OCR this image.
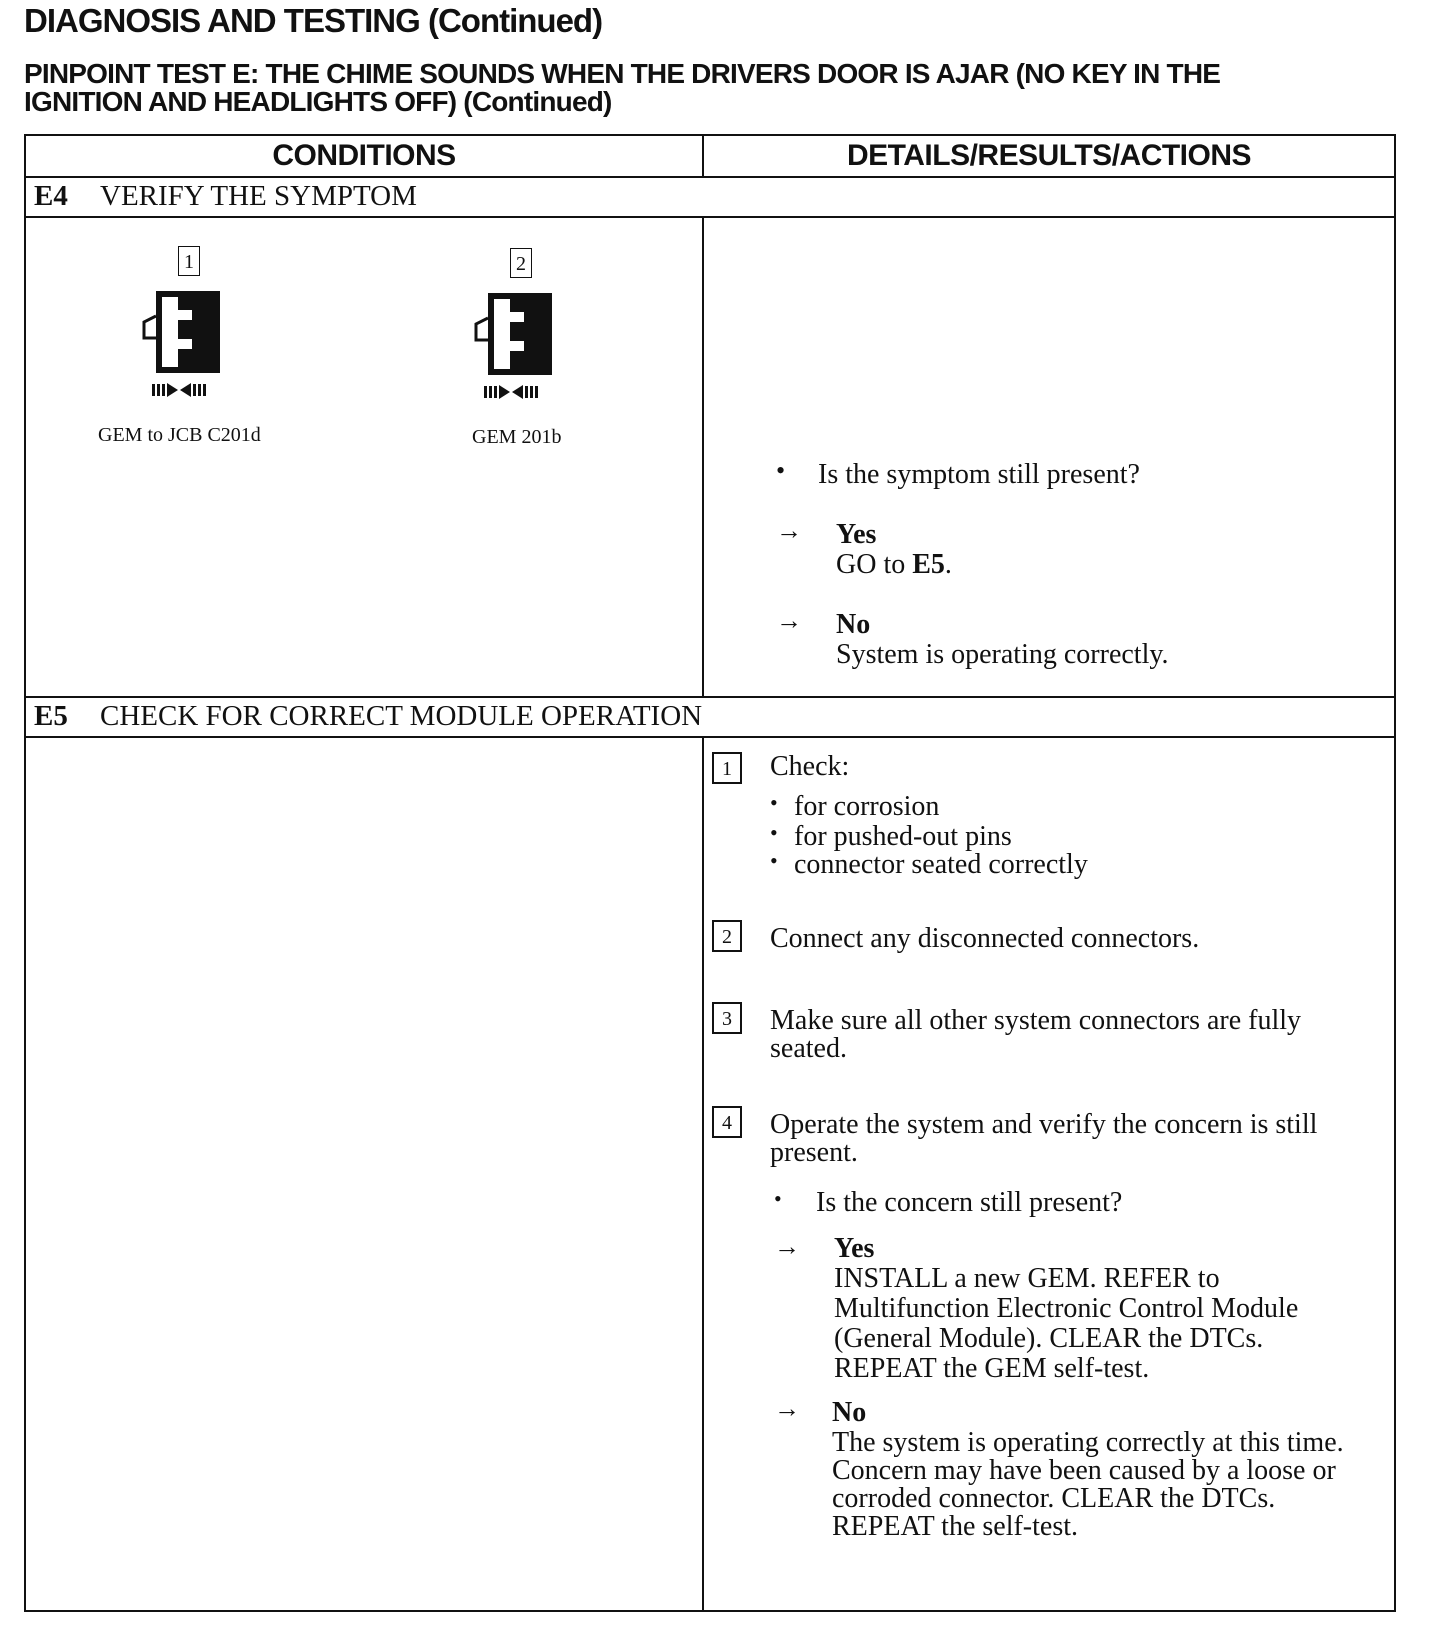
DIAGNOSIS AND TESTING (Continued)
PINPOINT TEST E: THE CHIME SOUNDS WHEN THE DRIVERS DOOR IS AJAR (NO KEY IN THE
IGNITION AND HEADLIGHTS OFF) (Continued)
CONDITIONS	DETAILS/RESULTS/ACTIONS
E4 VERIFY THE SYMPTOM
1
GEM to JCB C201d
2
GEM 201b
• Is the symptom still present?
→ Yes
GO to E5.
→ No
System is operating correctly.
E5 CHECK FOR CORRECT MODULE OPERATION
1	Check:
• for corrosion
• for pushed-out pins
• connector seated correctly
2	Connect any disconnected connectors.
3	Make sure all other system connectors are fully
seated.
4	Operate the system and verify the concern is still
present.
• Is the concern still present?
→ Yes
INSTALL a new GEM. REFER to
Multifunction Electronic Control Module
(General Module). CLEAR the DTCs.
REPEAT the GEM self-test.
→ No
The system is operating correctly at this time.
Concern may have been caused by a loose or
corroded connector. CLEAR the DTCs.
REPEAT the self-test.
